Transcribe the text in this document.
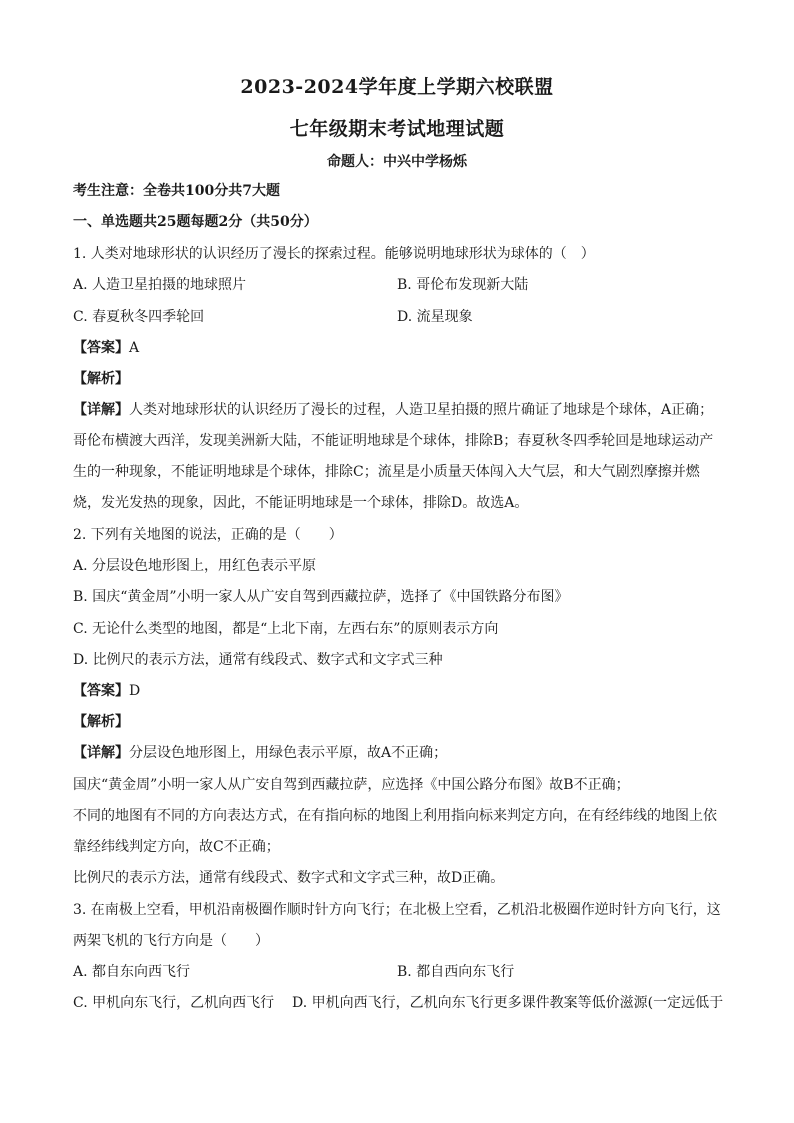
2023-2024学年度上学期六校联盟
七年级期末考试地理试题
命题人：中兴中学杨烁
考生注意：全卷共100分共7大题
一、单选题共25题每题2分（共50分）
1. 人类对地球形状的认识经历了漫长的探索过程。能够说明地球形状为球体的（　）
A. 人造卫星拍摄的地球照片	B. 哥伦布发现新大陆
C. 春夏秋冬四季轮回	D. 流星现象
【答案】A
【解析】
【详解】人类对地球形状的认识经历了漫长的过程，人造卫星拍摄的照片确证了地球是个球体，A正确；
哥伦布横渡大西洋，发现美洲新大陆，不能证明地球是个球体，排除B；春夏秋冬四季轮回是地球运动产
生的一种现象，不能证明地球是个球体，排除C；流星是小质量天体闯入大气层，和大气剧烈摩擦并燃
烧，发光发热的现象，因此，不能证明地球是一个球体，排除D。故选A。
2. 下列有关地图的说法，正确的是（　　）
A. 分层设色地形图上，用红色表示平原
B. 国庆“黄金周”小明一家人从广安自驾到西藏拉萨，选择了《中国铁路分布图》
C. 无论什么类型的地图，都是“上北下南，左西右东”的原则表示方向
D. 比例尺的表示方法，通常有线段式、数字式和文字式三种
【答案】D
【解析】
【详解】分层设色地形图上，用绿色表示平原，故A不正确；
国庆“黄金周”小明一家人从广安自驾到西藏拉萨，应选择《中国公路分布图》故B不正确；
不同的地图有不同的方向表达方式，在有指向标的地图上利用指向标来判定方向，在有经纬线的地图上依
靠经纬线判定方向，故C不正确；
比例尺的表示方法，通常有线段式、数字式和文字式三种，故D正确。
3. 在南极上空看，甲机沿南极圈作顺时针方向飞行；在北极上空看，乙机沿北极圈作逆时针方向飞行，这
两架飞机的飞行方向是（　　）
A. 都自东向西飞行	B. 都自西向东飞行
C. 甲机向东飞行，乙机向西飞行 D. 甲机向西飞行，乙机向东飞行更多课件教案等低价滋源(一定远低于
